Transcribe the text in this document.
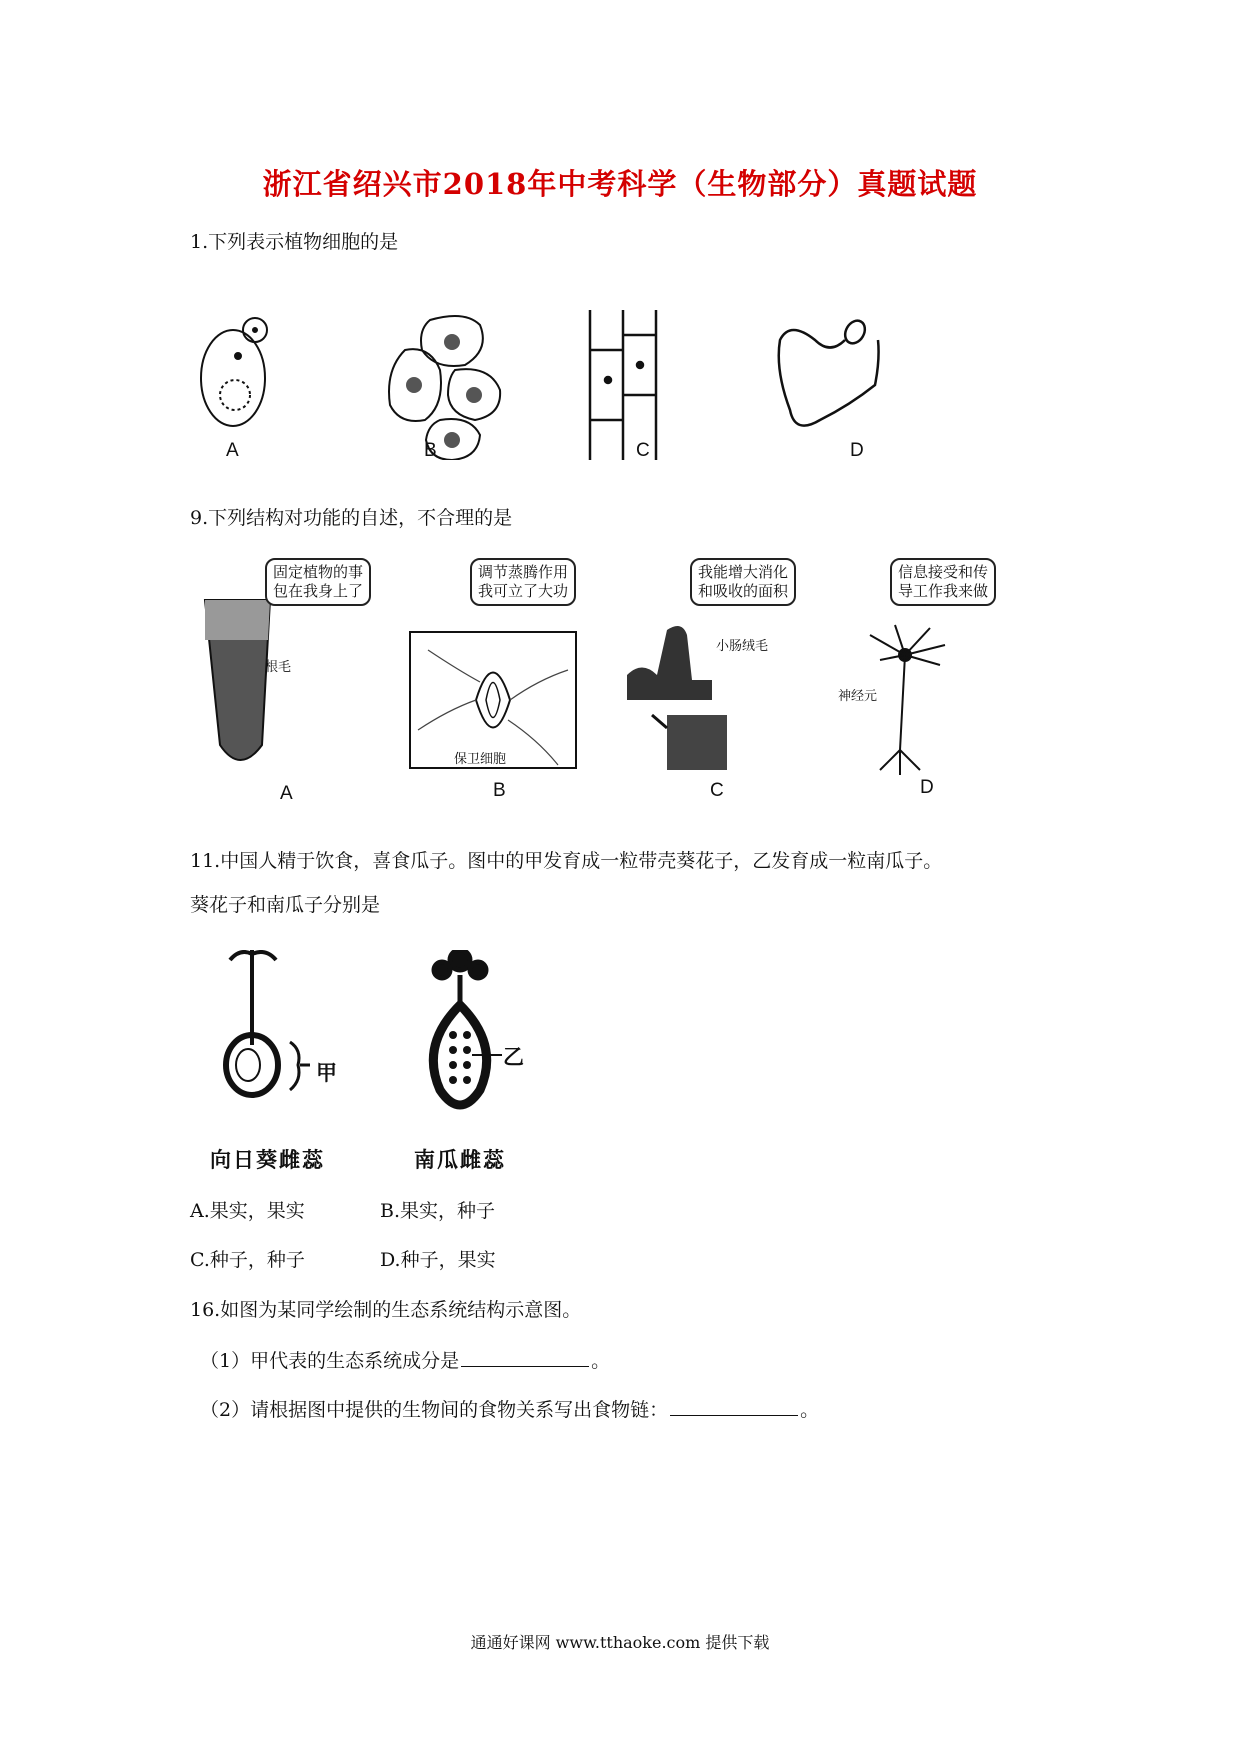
浙江省绍兴市2018年中考科学（生物部分）真题试题
1.下列表示植物细胞的是
A	B	C	D
9.下列结构对功能的自述，不合理的是
固定植物的事
包在我身上了
根毛
调节蒸腾作用
我可立了大功
保卫细胞
我能增大消化
和吸收的面积
小肠绒毛
信息接受和传
导工作我来做
神经元
A	B	C	D
11.中国人精于饮食，喜食瓜子。图中的甲发育成一粒带壳葵花子，乙发育成一粒南瓜子。
葵花子和南瓜子分别是
甲
乙
向日葵雌蕊	南瓜雌蕊
A.果实，果实	B.果实，种子
C.种子，种子	D.种子，果实
16.如图为某同学绘制的生态系统结构示意图。
（1）甲代表的生态系统成分是	。
（2）请根据图中提供的生物间的食物关系写出食物链：	。
通通好课网 www.tthaoke.com 提供下载
